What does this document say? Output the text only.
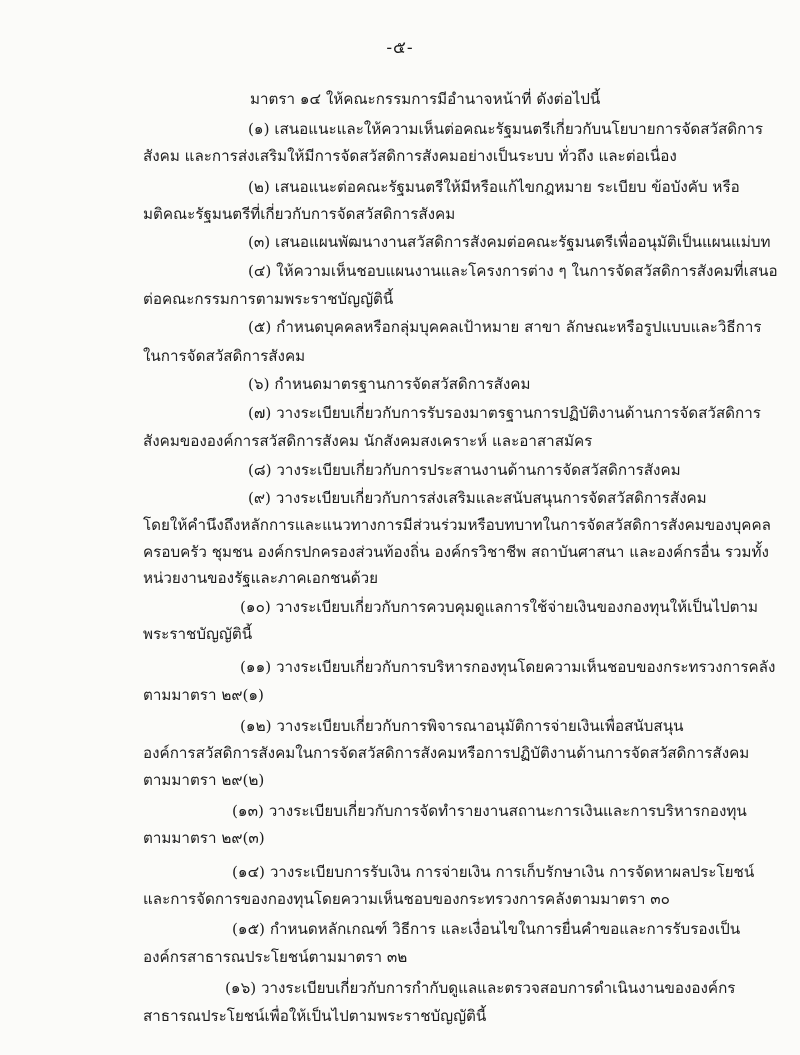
-๕-
มาตรา ๑๔ ให้คณะกรรมการมีอำนาจหน้าที่ ดังต่อไปนี้
(๑) เสนอแนะและให้ความเห็นต่อคณะรัฐมนตรีเกี่ยวกับนโยบายการจัดสวัสดิการ
สังคม และการส่งเสริมให้มีการจัดสวัสดิการสังคมอย่างเป็นระบบ ทั่วถึง และต่อเนื่อง
(๒) เสนอแนะต่อคณะรัฐมนตรีให้มีหรือแก้ไขกฎหมาย ระเบียบ ข้อบังคับ หรือ
มติคณะรัฐมนตรีที่เกี่ยวกับการจัดสวัสดิการสังคม
(๓) เสนอแผนพัฒนางานสวัสดิการสังคมต่อคณะรัฐมนตรีเพื่ออนุมัติเป็นแผนแม่บท
(๔) ให้ความเห็นชอบแผนงานและโครงการต่าง ๆ ในการจัดสวัสดิการสังคมที่เสนอ
ต่อคณะกรรมการตามพระราชบัญญัตินี้
(๕) กำหนดบุคคลหรือกลุ่มบุคคลเป้าหมาย สาขา ลักษณะหรือรูปแบบและวิธีการ
ในการจัดสวัสดิการสังคม
(๖) กำหนดมาตรฐานการจัดสวัสดิการสังคม
(๗) วางระเบียบเกี่ยวกับการรับรองมาตรฐานการปฏิบัติงานด้านการจัดสวัสดิการ
สังคมขององค์การสวัสดิการสังคม นักสังคมสงเคราะห์ และอาสาสมัคร
(๘) วางระเบียบเกี่ยวกับการประสานงานด้านการจัดสวัสดิการสังคม
(๙) วางระเบียบเกี่ยวกับการส่งเสริมและสนับสนุนการจัดสวัสดิการสังคม
โดยให้คำนึงถึงหลักการและแนวทางการมีส่วนร่วมหรือบทบาทในการจัดสวัสดิการสังคมของบุคคล
ครอบครัว ชุมชน องค์กรปกครองส่วนท้องถิ่น องค์กรวิชาชีพ สถาบันศาสนา และองค์กรอื่น รวมทั้ง
หน่วยงานของรัฐและภาคเอกชนด้วย
(๑๐) วางระเบียบเกี่ยวกับการควบคุมดูแลการใช้จ่ายเงินของกองทุนให้เป็นไปตาม
พระราชบัญญัตินี้
(๑๑) วางระเบียบเกี่ยวกับการบริหารกองทุนโดยความเห็นชอบของกระทรวงการคลัง
ตามมาตรา ๒๙(๑)
(๑๒) วางระเบียบเกี่ยวกับการพิจารณาอนุมัติการจ่ายเงินเพื่อสนับสนุน
องค์การสวัสดิการสังคมในการจัดสวัสดิการสังคมหรือการปฏิบัติงานด้านการจัดสวัสดิการสังคม
ตามมาตรา ๒๙(๒)
(๑๓) วางระเบียบเกี่ยวกับการจัดทำรายงานสถานะการเงินและการบริหารกองทุน
ตามมาตรา ๒๙(๓)
(๑๔) วางระเบียบการรับเงิน การจ่ายเงิน การเก็บรักษาเงิน การจัดหาผลประโยชน์
และการจัดการของกองทุนโดยความเห็นชอบของกระทรวงการคลังตามมาตรา ๓๐
(๑๕) กำหนดหลักเกณฑ์ วิธีการ และเงื่อนไขในการยื่นคำขอและการรับรองเป็น
องค์กรสาธารณประโยชน์ตามมาตรา ๓๒
(๑๖) วางระเบียบเกี่ยวกับการกำกับดูแลและตรวจสอบการดำเนินงานขององค์กร
สาธารณประโยชน์เพื่อให้เป็นไปตามพระราชบัญญัตินี้
